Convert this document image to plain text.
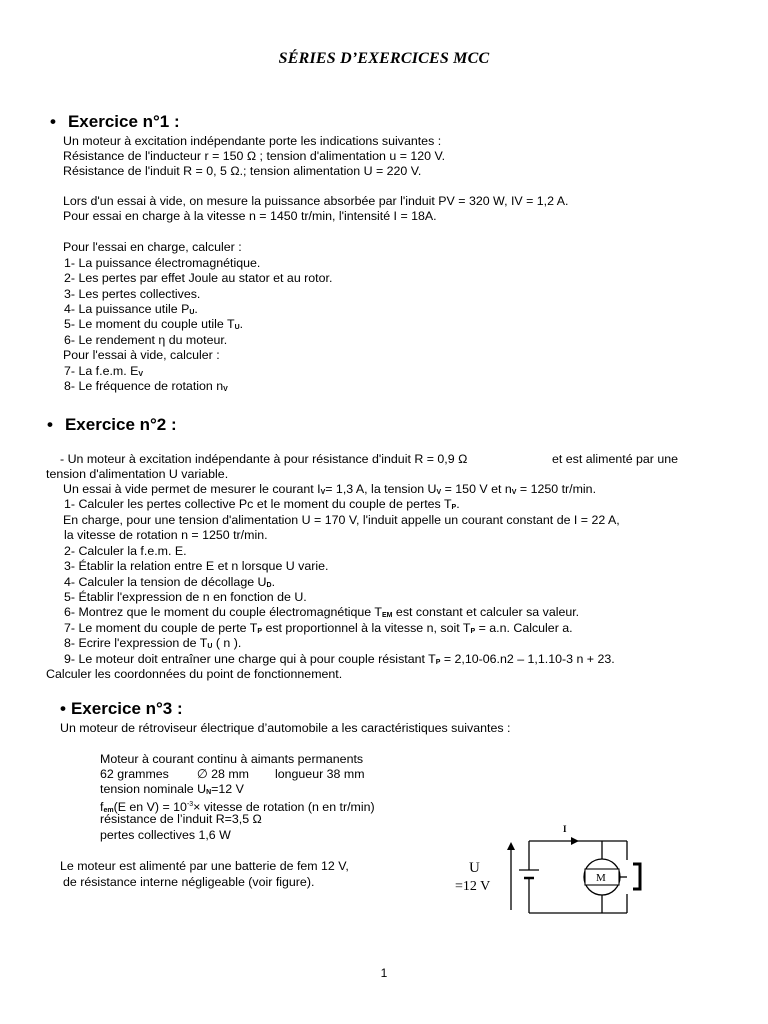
SÉRIES D’EXERCICES MCC
• Exercice n°1 :
Un moteur à excitation indépendante porte les indications suivantes :
Résistance de l'inducteur r = 150 Ω ; tension d'alimentation u = 120 V.
Résistance de l'induit R = 0, 5 Ω.; tension alimentation U = 220 V.
Lors d'un essai à vide, on mesure la puissance absorbée par l'induit PV = 320 W, IV = 1,2 A.
Pour essai en charge à la vitesse n = 1450 tr/min, l'intensité I = 18A.
Pour l'essai en charge, calculer :
1- La puissance électromagnétique.
2- Les pertes par effet Joule au stator et au rotor.
3- Les pertes collectives.
4- La puissance utile $P_U$.
5- Le moment du couple utile $T_U$.
6- Le rendement η du moteur.
Pour l'essai à vide, calculer :
7- La f.e.m. $E_V$
8- Le fréquence de rotation $n_V$
• Exercice n°2 :
- Un moteur à excitation indépendante à pour résistance d'induit R = 0,9 Ω	et est alimenté par une
tension d'alimentation U variable.
Un essai à vide permet de mesurer le courant $I_V= 1,3$ A, la tension $U_V = 150$ V et $n_V = 1250$ tr/min.
1- Calculer les pertes collective Pc et le moment du couple de pertes $T_P$.
En charge, pour une tension d'alimentation U = 170 V, l'induit appelle un courant constant de I = 22 A,
la vitesse de rotation n = 1250 tr/min.
2- Calculer la f.e.m. E.
3- Établir la relation entre E et n lorsque U varie.
4- Calculer la tension de décollage $U_D$.
5- Établir l'expression de n en fonction de U.
6- Montrez que le moment du couple électromagnétique $T_{EM}$ est constant et calculer sa valeur.
7- Le moment du couple de perte $T_P$ est proportionnel à la vitesse n, soit $T_P = a.n$. Calculer a.
8- Ecrire l'expression de $T_U$ ( n ).
9- Le moteur doit entraîner une charge qui à pour couple résistant $T_P = 2,10-06.n2 - 1,1.10-3$ n + 23.
Calculer les coordonnées du point de fonctionnement.
• Exercice n°3 :
Un moteur de rétroviseur électrique d’automobile a les caractéristiques suivantes :
Moteur à courant continu à aimants permanents
62 grammes ∅ 28 mm longueur 38 mm
tension nominale $U_N=12$ V
$f_{em}(E$ en $V) = 10^{-3}\times$ vitesse de rotation (n en tr/min)
résistance de l’induit R=3,5 Ω
pertes collectives 1,6 W
Le moteur est alimenté par une batterie de fem 12 V,
de résistance interne négligeable (voir figure).
I
M
U
=12 V
1
